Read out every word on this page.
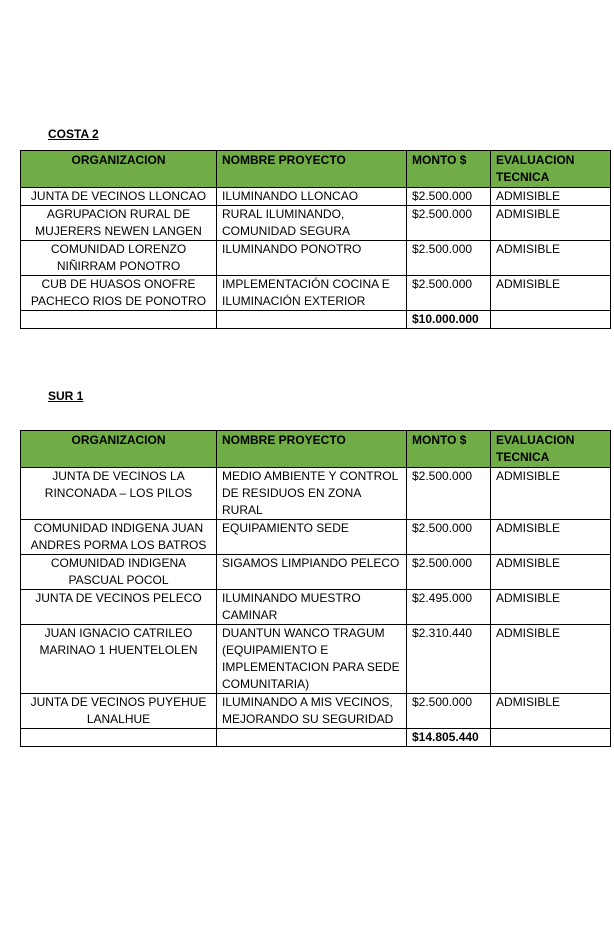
COSTA 2
ORGANIZACION	NOMBRE PROYECTO	MONTO $	EVALUACION TECNICA
JUNTA DE VECINOS LLONCAO	ILUMINANDO LLONCAO	$2.500.000	ADMISIBLE
AGRUPACION RURAL DE MUJERERS NEWEN LANGEN	RURAL ILUMINANDO, COMUNIDAD SEGURA	$2.500.000	ADMISIBLE
COMUNIDAD LORENZO NIÑIRRAM PONOTRO	ILUMINANDO PONOTRO	$2.500.000	ADMISIBLE
CUB DE HUASOS ONOFRE PACHECO RIOS DE PONOTRO	IMPLEMENTACIÓN COCINA E ILUMINACIÓN EXTERIOR	$2.500.000	ADMISIBLE
		$10.000.000	
SUR 1
ORGANIZACION	NOMBRE PROYECTO	MONTO $	EVALUACION TECNICA
JUNTA DE VECINOS LA RINCONADA – LOS PILOS	MEDIO AMBIENTE Y CONTROL DE RESIDUOS EN ZONA RURAL	$2.500.000	ADMISIBLE
COMUNIDAD INDIGENA JUAN ANDRES PORMA LOS BATROS	EQUIPAMIENTO SEDE	$2.500.000	ADMISIBLE
COMUNIDAD INDIGENA PASCUAL POCOL	SIGAMOS LIMPIANDO PELECO	$2.500.000	ADMISIBLE
JUNTA DE VECINOS PELECO	ILUMINANDO MUESTRO CAMINAR	$2.495.000	ADMISIBLE
JUAN IGNACIO CATRILEO MARINAO 1 HUENTELOLEN	DUANTUN WANCO TRAGUM (EQUIPAMIENTO E IMPLEMENTACION PARA SEDE COMUNITARIA)	$2.310.440	ADMISIBLE
JUNTA DE VECINOS PUYEHUE LANALHUE	ILUMINANDO A MIS VECINOS, MEJORANDO SU SEGURIDAD	$2.500.000	ADMISIBLE
		$14.805.440	
